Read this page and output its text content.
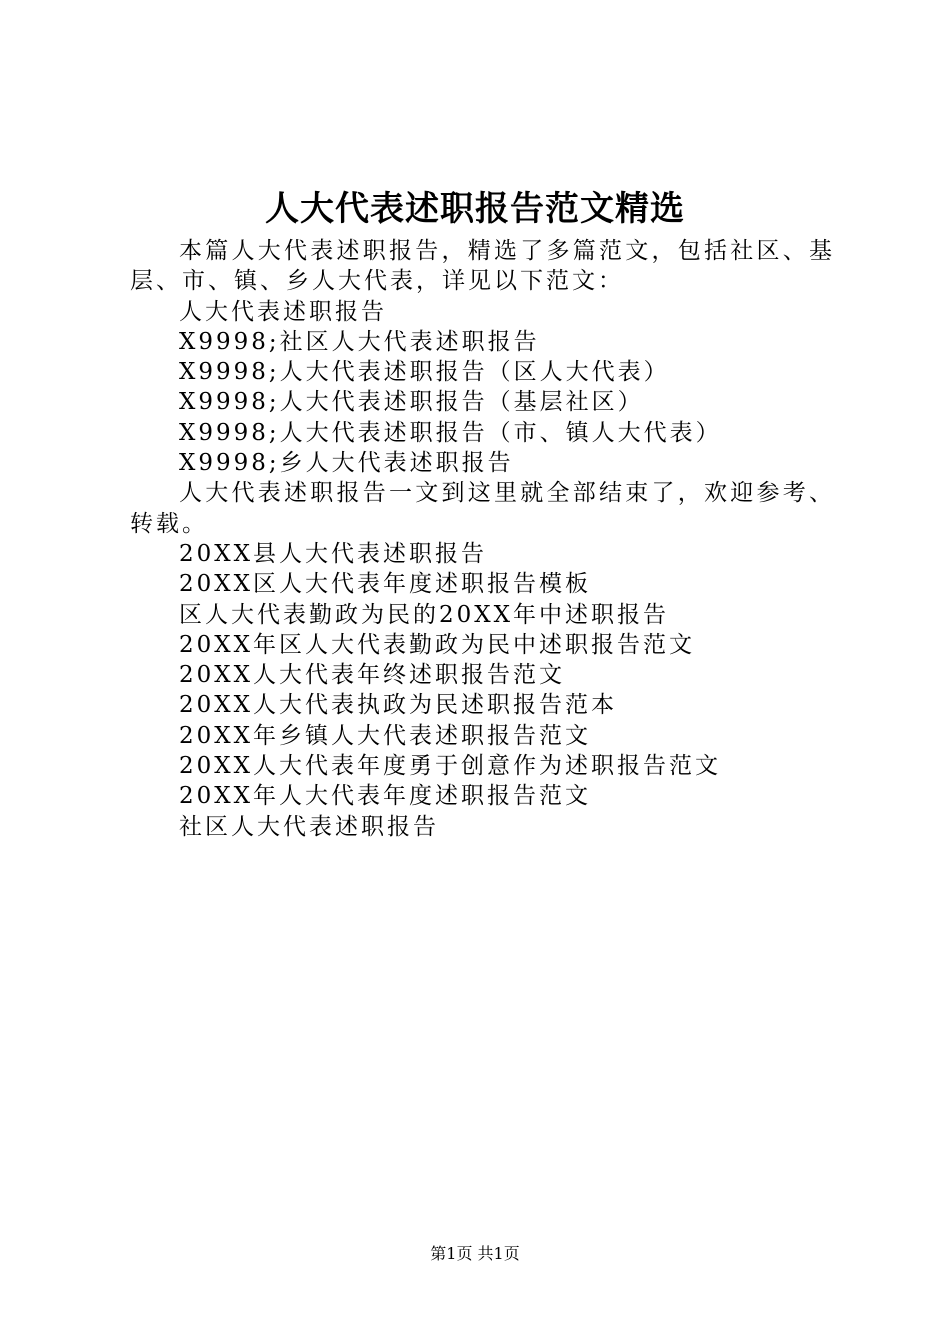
人大代表述职报告范文精选

本篇人大代表述职报告，精选了多篇范文，包括社区、基层、市、镇、乡人大代表，详见以下范文：

人大代表述职报告

X9998;社区人大代表述职报告

X9998;人大代表述职报告（区人大代表）

X9998;人大代表述职报告（基层社区）

X9998;人大代表述职报告（市、镇人大代表）

X9998;乡人大代表述职报告

人大代表述职报告一文到这里就全部结束了，欢迎参考、转载。

20XX县人大代表述职报告

20XX区人大代表年度述职报告模板

区人大代表勤政为民的20XX年中述职报告

20XX年区人大代表勤政为民中述职报告范文

20XX人大代表年终述职报告范文

20XX人大代表执政为民述职报告范本

20XX年乡镇人大代表述职报告范文

20XX人大代表年度勇于创意作为述职报告范文

20XX年人大代表年度述职报告范文

社区人大代表述职报告

第1页 共1页
